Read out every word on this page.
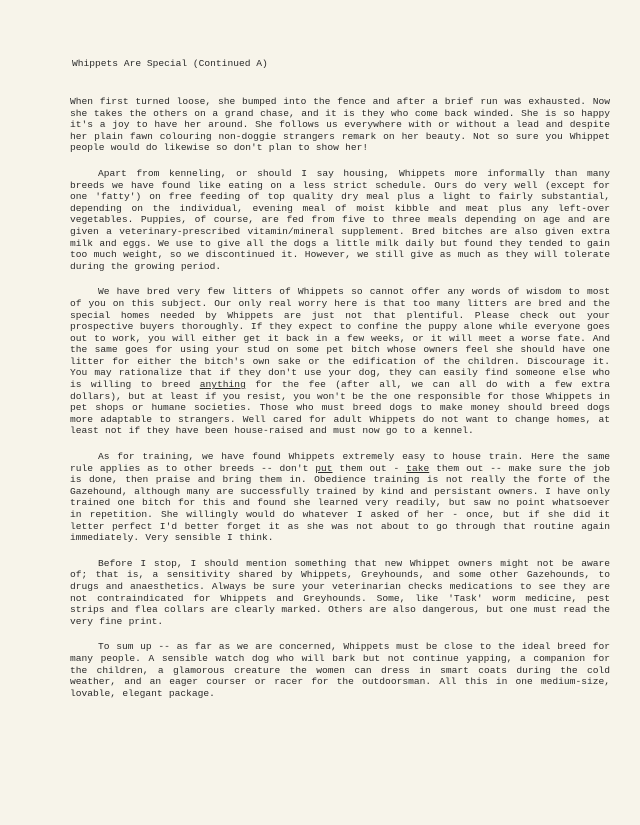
Whippets Are Special (Continued A)

When first turned loose, she bumped into the fence and after a brief run was exhausted. Now she takes the others on a grand chase, and it is they who come back winded. She is so happy it's a joy to have her around. She follows us everywhere with or without a lead and despite her plain fawn colouring non-doggie strangers remark on her beauty. Not so sure you Whippet people would do likewise so don't plan to show her!

Apart from kenneling, or should I say housing, Whippets more informally than many breeds we have found like eating on a less strict schedule. Ours do very well (except for one 'fatty') on free feeding of top quality dry meal plus a light to fairly substantial, depending on the individual, evening meal of moist kibble and meat plus any left-over vegetables. Puppies, of course, are fed from five to three meals depending on age and are given a veterinary-prescribed vitamin/mineral supplement. Bred bitches are also given extra milk and eggs. We use to give all the dogs a little milk daily but found they tended to gain too much weight, so we discontinued it. However, we still give as much as they will tolerate during the growing period.

We have bred very few litters of Whippets so cannot offer any words of wisdom to most of you on this subject. Our only real worry here is that too many litters are bred and the special homes needed by Whippets are just not that plentiful. Please check out your prospective buyers thoroughly. If they expect to confine the puppy alone while everyone goes out to work, you will either get it back in a few weeks, or it will meet a worse fate. And the same goes for using your stud on some pet bitch whose owners feel she should have one litter for either the bitch's own sake or the edification of the children. Discourage it. You may rationalize that if they don't use your dog, they can easily find someone else who is willing to breed anything for the fee (after all, we can all do with a few extra dollars), but at least if you resist, you won't be the one responsible for those Whippets in pet shops or humane societies. Those who must breed dogs to make money should breed dogs more adaptable to strangers. Well cared for adult Whippets do not want to change homes, at least not if they have been house-raised and must now go to a kennel.

As for training, we have found Whippets extremely easy to house train. Here the same rule applies as to other breeds -- don't put them out - take them out -- make sure the job is done, then praise and bring them in. Obedience training is not really the forte of the Gazehound, although many are successfully trained by kind and persistant owners. I have only trained one bitch for this and found she learned very readily, but saw no point whatsoever in repetition. She willingly would do whatever I asked of her - once, but if she did it letter perfect I'd better forget it as she was not about to go through that routine again immediately. Very sensible I think.

Before I stop, I should mention something that new Whippet owners might not be aware of; that is, a sensitivity shared by Whippets, Greyhounds, and some other Gazehounds, to drugs and anaesthetics. Always be sure your veterinarian checks medications to see they are not contraindicated for Whippets and Greyhounds. Some, like 'Task' worm medicine, pest strips and flea collars are clearly marked. Others are also dangerous, but one must read the very fine print.

To sum up -- as far as we are concerned, Whippets must be close to the ideal breed for many people. A sensible watch dog who will bark but not continue yapping, a companion for the children, a glamorous creature the women can dress in smart coats during the cold weather, and an eager courser or racer for the outdoorsman. All this in one medium-size, lovable, elegant package.
